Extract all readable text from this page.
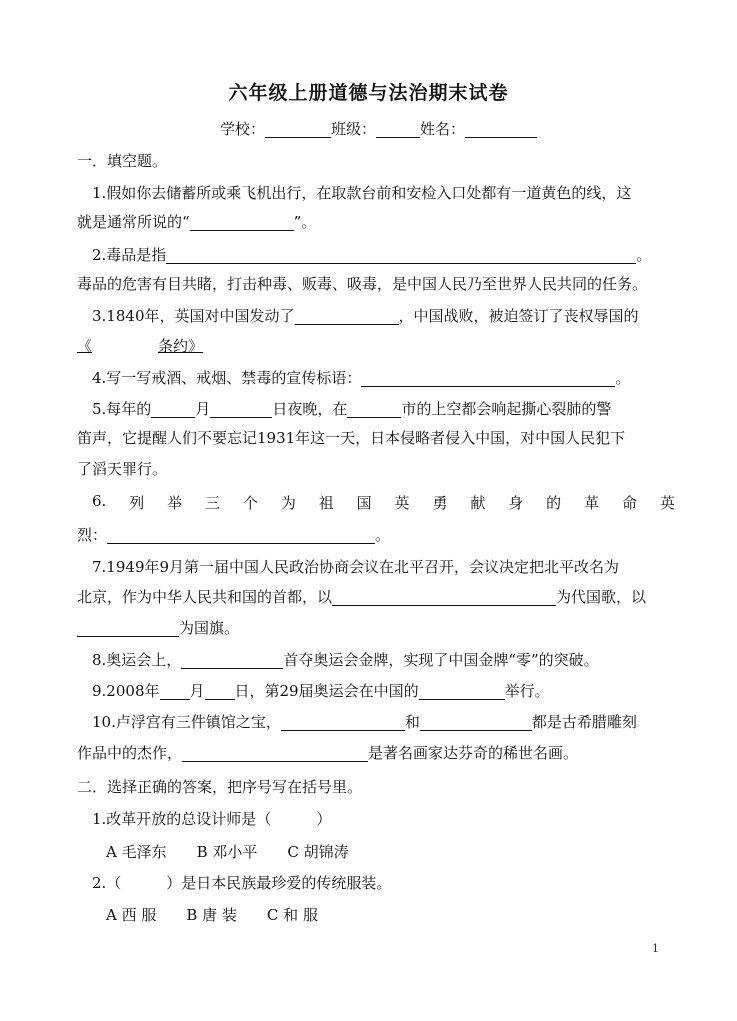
六年级上册道德与法治期末试卷
学校：	班级：	姓名：
一．填空题。
1.假如你去储蓄所或乘飞机出行，在取款台前和安检入口处都有一道黄色的线，这
就是通常所说的“	”。
2.毒品是指	。
毒品的危害有目共睹，打击种毒、贩毒、吸毒，是中国人民乃至世界人民共同的任务。
3.1840年，英国对中国发动了	，中国战败，被迫签订了丧权辱国的
《	条约》
4.写一写戒酒、戒烟、禁毒的宣传标语：	。
5.每年的	月	日夜晚，在	市的上空都会响起撕心裂肺的警
笛声，它提醒人们不要忘记1931年这一天，日本侵略者侵入中国，对中国人民犯下
了滔天罪行。
6. 列 举 三 个 为 祖 国 英 勇 献 身 的 革 命 英
烈：	。
7.1949年9月第一届中国人民政治协商会议在北平召开，会议决定把北平改名为
北京，作为中华人民共和国的首都，以	为代国歌，以
为国旗。
8.奥运会上，	首夺奥运会金牌，实现了中国金牌“零”的突破。
9.2008年 月 日，第29届奥运会在中国的	举行。
10.卢浮宫有三件镇馆之宝，	和	都是古希腊雕刻
作品中的杰作，	是著名画家达芬奇的稀世名画。
二．选择正确的答案，把序号写在括号里。
1.改革开放的总设计师是（　　　）
A 毛泽东　　B 邓小平　　C 胡锦涛
2.（　　　）是日本民族最珍爱的传统服装。
A 西 服　　B 唐 装　　C 和 服
1
